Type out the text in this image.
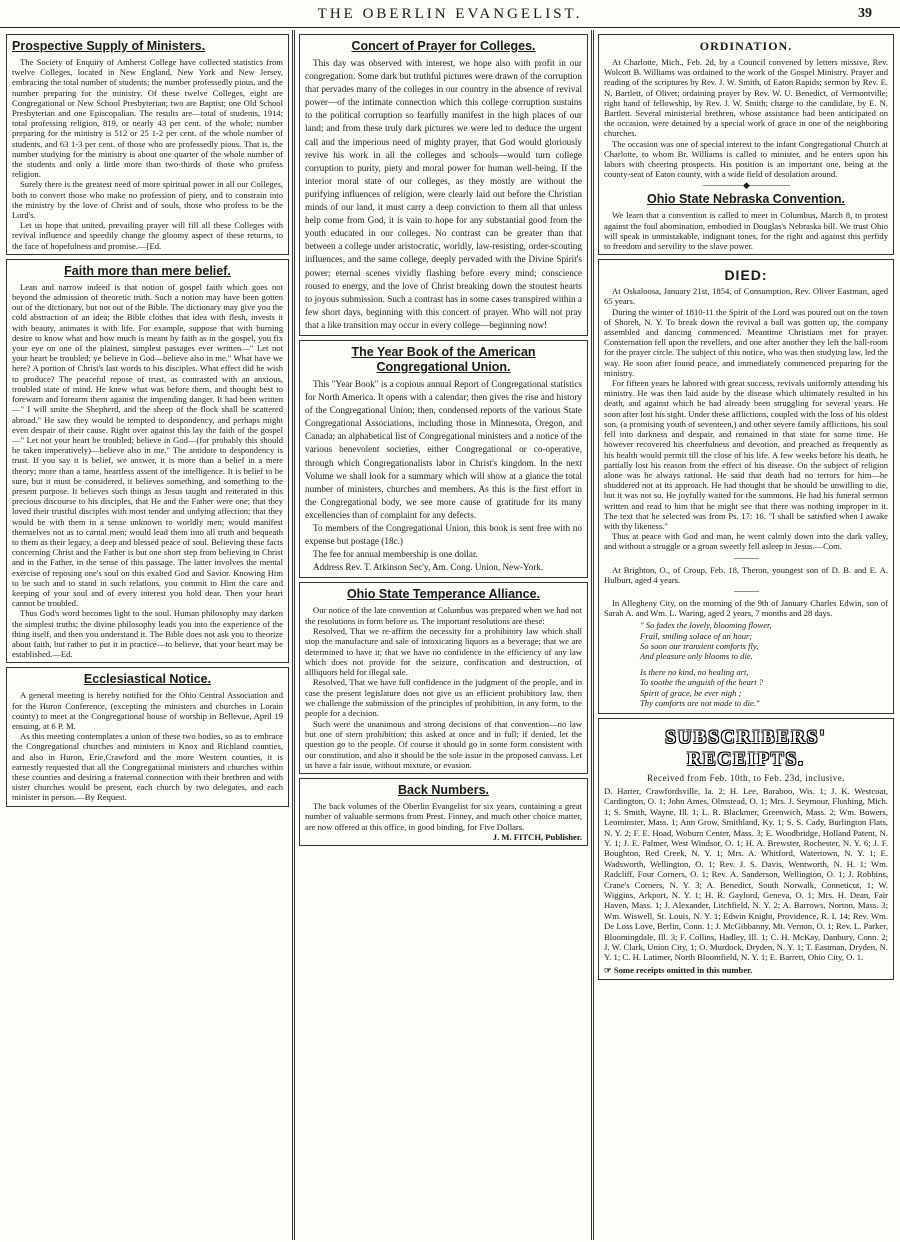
THE OBERLIN EVANGELIST.	39
Prospective Supply of Ministers.

The Society of Enquiry of Amherst College have collected statistics from twelve Colleges, located in New England, New York and New Jersey, embracing the total number of students; the number professedly pious, and the number preparing for the ministry. Of these twelve Colleges, eight are Congregational or New School Presbyterian; two are Baptist; one Old School Presbyterian and one Episcopalian. The results are—total of students, 1914; total professing religion, 819, or nearly 43 per cent. of the whole; number preparing for the ministry is 512 or 25 1-2 per cent. of the whole number of students, and 63 1-3 per cent. of those who are professedly pious. That is, the number studying for the ministry is about one quarter of the whole number of the students and only a little more than two-thirds of those who profess religion.

Surely there is the greatest need of more spiritual power in all our Colleges, both to convert those who make no profession of piety, and to constrain into the ministry by the love of Christ and of souls, those who profess to be the Lord's.

Let us hope that united, prevailing prayer will fill all these Colleges with revival influence and speedily change the gloomy aspect of these returns, to the face of hopefulness and promise.—[Ed.

Faith more than mere belief.

Lean and narrow indeed is that notion of gospel faith which goes not beyond the admission of theoretic truth. Such a notion may have been gotten out of the dictionary, but not out of the Bible. The dictionary may give you the cold abstraction of an idea; the Bible clothes that idea with flesh, invests it with beauty, animates it with life. For example, suppose that with burning desire to know what and how much is meant by faith as in the gospel, you fix your eye on one of the plainest, simplest passages ever written—" Let not your heart be troubled; ye believe in God—believe also in me." What have we here? A portion of Christ's last words to his disciples. What effect did he wish to produce? The peaceful repose of trust, as contrasted with an anxious, troubled state of mind. He knew what was before them, and thought best to forewarn and forearm them against the impending danger. It had been written—" I will smite the Shepherd, and the sheep of the flock shall be scattered abroad." He saw they would be tempted to despondency, and perhaps might even despair of their cause. Right over against this lay the faith of the gospel—" Let not your heart be troubled; believe in God—(for probably this should be taken imperatively)—believe also in me." The antidote to despondency is trust. If you say it is belief, we answer, it is more than a belief in a mere theory; more than a tame, heartless assent of the intelligence. It is belief to be sure, but it must be considered, it believes something, and something to the present purpose. It believes such things as Jesus taught and reiterated in this precious discourse to his disciples, that He and the Father were one; that they loved their trustful disciples with most tender and undying affection; that they would be with them in a sense unknown to worldly men; would manifest themselves not as to carnal men; would lead them into all truth and bequeath to them as their legacy, a deep and blessed peace of soul. Believing these facts concerning Christ and the Father is but one short step from believing in Christ and in the Father, in the sense of this passage. The latter involves the mental exercise of reposing one's soul on this exalted God and Savior. Knowing Him to be such and to stand in such relations, you commit to Him the care and keeping of your soul and of every interest you hold dear. Then your heart cannot be troubled.

Thus God's word becomes light to the soul. Human philosophy may darken the simplest truths; the divine philosophy leads you into the experience of the thing itself, and then you understand it. The Bible does not ask you to theorize about faith, but rather to put it in practice—to believe, that your heart may be established.—Ed.

Ecclesiastical Notice.

A general meeting is hereby notified for the Ohio Central Association and for the Huron Conference, (excepting the ministers and churches in Lorain county) to meet at the Congregational house of worship in Bellevue, April 19 ensuing, at 6 P. M.

As this meeting contemplates a union of these two bodies, so as to embrace the Congregational churches and ministers in Knox and Richland counties, and also in Huron, Erie,Crawford and the more Western counties, it is earnestly requested that all the Congregational ministers and churches within these counties and desiring a fraternal connection with their brethren and with sister churches would be present, each church by two delegates, and each minister in person.—By Request.

Concert of Prayer for Colleges.

This day was observed with interest, we hope also with profit in our congregation. Some dark but truthful pictures were drawn of the corruption that pervades many of the colleges in our country in the absence of revival power—of the intimate connection which this college corruption sustains to the political corruption so fearfully manifest in the high places of our land; and from these truly dark pictures we were led to deduce the urgent call and the imperious need of mighty prayer, that God would gloriously revive his work in all the colleges and schools—would turn college corruption to purity, piety and moral power for human well-being. If the interior moral state of our colleges, as they mostly are without the purifying influences of religion, were clearly laid out before the Christian minds of our land, it must carry a deep conviction to them all that unless help come from God, it is vain to hope for any substantial good from the youth educated in our colleges. No contrast can be greater than that between a college under aristocratic, worldly, law-resisting, order-scouting influences, and the same college, deeply pervaded with the Divine Spirit's power; eternal scenes vividly flashing before every mind; conscience roused to energy, and the love of Christ breaking down the stoutest hearts to joyous submission. Such a contrast has in some cases transpired within a few short days, beginning with this concert of prayer. Who will not pray that a like transition may occur in every college—beginning now!

The Year Book of the American Congregational Union.

This "Year Book" is a copious annual Report of Congregational statistics for North America. It opens with a calendar; then gives the rise and history of the Congregational Union; then, condensed reports of the various State Congregational Associations, including those in Minnesota, Oregon, and Canada; an alphabetical list of Congregational ministers and a notice of the various benevolent societies, either Congregational or co-operative, through which Congregationalists labor in Christ's kingdom. In the next Volume we shall look for a summary which will show at a glance the total number of ministers, churches and members. As this is the first effort in the Congregational body, we see more cause of gratitude for its many excellencies than of complaint for any defects.

To members of the Congregational Union, this book is sent free with no expense but postage (18c.)

The fee for annual membership is one dollar.

Address Rev. T. Atkinson Sec'y, Am. Cong. Union, New-York.

Ohio State Temperance Alliance.

Our notice of the late convention at Columbus was prepared when we had not the resolutions in form before us. The important resolutions are these:

Resolved, That we re-affirm the necessity for a prohibitory law which shall stop the manufacture and sale of intoxicating liquors as a beverage; that we are determined to have it; that we have no confidence in the efficiency of any law which does not provide for the seizure, confiscation and destruction, of allliquors held for illegal sale.

Resolved, That we have full confidence in the judgment of the people, and in case the present legislature does not give us an efficient prohibitory law, then we challenge the submission of the principles of prohibition, in any form, to the people for a decision.

Such were the unanimous and strong decisions of that convention—no law but one of stern prohibition; this asked at once and in full; if denied, let the question go to the people. Of course it should go in some form consistent with our constitution, and also it should be the sole issue in the proposed canvass. Let us have a fair issue, without mixture, or evasion.

Back Numbers.

The back volumes of the Oberlin Evangelist for six years, containing a great number of valuable sermons from Prest. Finney, and much other choice matter, are now offered at this office, in good binding, for Five Dollars.

J. M. FITCH, Publisher.
ORDINATION.

At Charlotte, Mich., Feb. 2d, by a Council convened by letters missive, Rev. Wolcott B. Williams was ordained to the work of the Gospel Ministry. Prayer and reading of the scriptures by Rev. J. W. Smith, of Eaton Rapids; sermon by Rev. E. N. Bartlett, of Olivet; ordaining prayer by Rev. W. U. Benedict, of Vermontville; right hand of fellowship, by Rev. J. W. Smith; charge to the candidate, by E. N. Bartlett. Several ministerial brethren, whose assistance had been anticipated on the occasion, were detained by a special work of grace in one of the neighboring churches.

The occasion was one of special interest to the infant Congregational Church at Charlotte, to whom Br. Williams is called to minister, and he enters upon his labors with cheering prospects. His position is an important one, being at the county-seat of Eaton county, with a wide field of desolation around.

—————◆—————
Ohio State Nebraska Convention.

We learn that a convention is called to meet in Columbus, March 8, to protest against the foul abomination, embodied in Douglas's Nebraska bill. We trust Ohio will speak in unmistakable, indignant tones, for the right and against this perfidy to freedom and servility to the slave power.

DIED:

At Oskaloosa, January 21st, 1854, of Consumption, Rev. Oliver Eastman, aged 65 years.

During the winter of 1810-11 the Spirit of the Lord was poured out on the town of Shoreh, N. Y. To break down the revival a ball was gotten up, the company assembled and dancing commenced. Meantime Christians met for prayer. Consternation fell upon the revellers, and one after another they left the ball-room for the prayer circle. The subject of this notice, who was then studying law, led the way. He soon after found peace, and immediately commenced preparing for the ministry.

For fifteen years he labored with great success, revivals uniformly attending his ministry. He was then laid aside by the disease which ultimately resulted in his death, and against which he had already been struggling for several years. He soon after lost his sight. Under these afflictions, coupled with the loss of his oldest son, (a promising youth of seventeen,) and other severe family afflictions, his soul fell into darkness and despair, and remained in that state for some time. He however recovered his cheerfulness and devotion, and preached as frequently as his health would permit till the close of his life. A few weeks before his death, he partially lost his reason from the effect of his disease. On the subject of religion alone was he always rational. He said that death had no terrors for him—he shuddered not at its approach. He had thought that he should be unwilling to die, but it was not so. He joyfully waited for the summons. He had his funeral sermon written and read to him that he might see that there was nothing improper in it. The text that he selected was from Ps. 17: 16. "I shall be satisfied when I awake with thy likeness."

Thus at peace with God and man, he went calmly down into the dark valley, and without a struggle or a groan sweetly fell asleep in Jesus.—Com.

———

At Brighton, O., of Croup, Feb. 18, Theron, youngest son of D. B. and E. A. Hulburt, aged 4 years.

———

In Allegheny City, on the morning of the 9th of January Charles Edwin, son of Sarah A. and Wm. L. Waring, aged 2 years, 7 months and 28 days.

" So fades the lovely, blooming flower,
Frail, smiling solace of an hour;
So soon our transient comforts fly,
And pleasure only blooms to die.
Is there no kind, no healing art,
To soothe the anguish of the heart ?
Spirit of grace, be ever nigh ;
Thy comforts are not made to die."
SUBSCRIBERS' RECEIPTS.
Received from Feb. 10th, to Feb. 23d, inclusive.
D. Harter, Crawfordsville, Ia. 2; H. Lee, Baraboo, Wis. 1; J. K. Westcoat, Cardington, O. 1; John Ames, Olmstead, O. 1; Mrs. J. Seymour, Flushing, Mich. 1; S. Smith, Wayne, Ill. 1; L. R. Blackmer, Greenwich, Mass. 2; Wm. Bowers, Leominster, Mass. 1; Ann Grow, Smithland, Ky. 1; S. S. Cady, Burlington Flats, N. Y. 2; F. E. Hoad, Woburn Center, Mass. 3; E. Woodbridge, Holland Patent, N. Y. 1; J. E. Palmer, West Windsor, O. 1; H. A. Brewster, Rochester, N. Y. 6; J. F. Boughton, Red Creek, N. Y. 1; Mrs. A. Whitford, Watertown, N. Y. 1; E. Wadsworth, Wellington, O. 1; Rev. J. S. Davis, Wentworth, N. H. 1; Wm. Radcliff, Four Corners, O. 1; Rev. A. Sanderson, Wellington, O. 1; J. Robbins, Crane's Corners, N. Y. 3; A. Benedict, South Norwalk, Conneticut, 1; W. Wiggins, Arkport, N. Y. 1; H. R. Gaylord, Geneva, O. 1; Mrs. H. Dean, Fair Haven, Mass. 1; J. Alexander, Litchfield, N. Y. 2; A. Barrows, Norton, Mass. 3; Wm. Wiswell, St. Louis, N. Y. 1; Edwin Knight, Providence, R. I. 14; Rev. Wm. De Loss Love, Berlin, Conn. 1; J. McGibbanny, Mt. Vernon, O. 1; Rev. L. Parker, Bloomingdale, Ill. 3; F. Collins, Hadley, Ill. 1; C. H. McKay, Danbury, Conn. 2; J. W. Clark, Union City, 1; O. Murdock, Dryden, N. Y. 1; T. Eastman, Dryden, N. Y. 1; C. H. Latimer, North Bloomfield, N. Y. 1; E. Barrett, Ohio City, O. 1.
☞ Some receipts omitted in this number.
